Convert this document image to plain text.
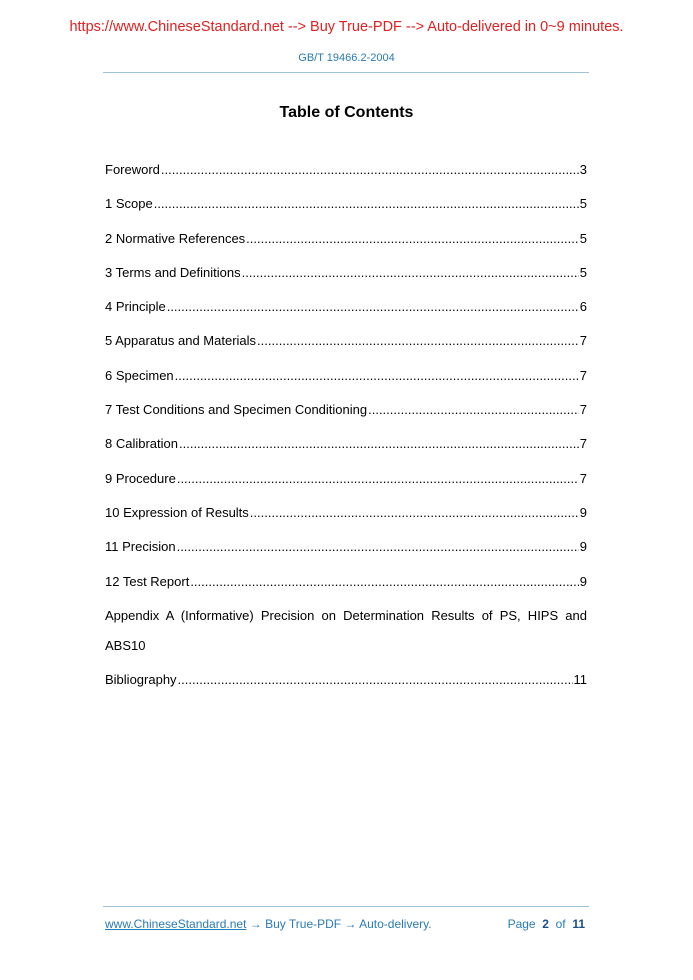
https://www.ChineseStandard.net --> Buy True-PDF --> Auto-delivered in 0~9 minutes.
GB/T 19466.2-2004
Table of Contents
Foreword .....	3
1 Scope .....	5
2 Normative References .....	5
3 Terms and Definitions .....	5
4 Principle .....	6
5 Apparatus and Materials .....	7
6 Specimen .....	7
7 Test Conditions and Specimen Conditioning .....	7
8 Calibration .....	7
9 Procedure .....	7
10 Expression of Results .....	9
11 Precision .....	9
12 Test Report .....	9
Appendix A (Informative) Precision on Determination Results of PS, HIPS and
ABS 10
Bibliography .....	11
www.ChineseStandard.net → Buy True-PDF → Auto-delivery.	Page 2 of 11
